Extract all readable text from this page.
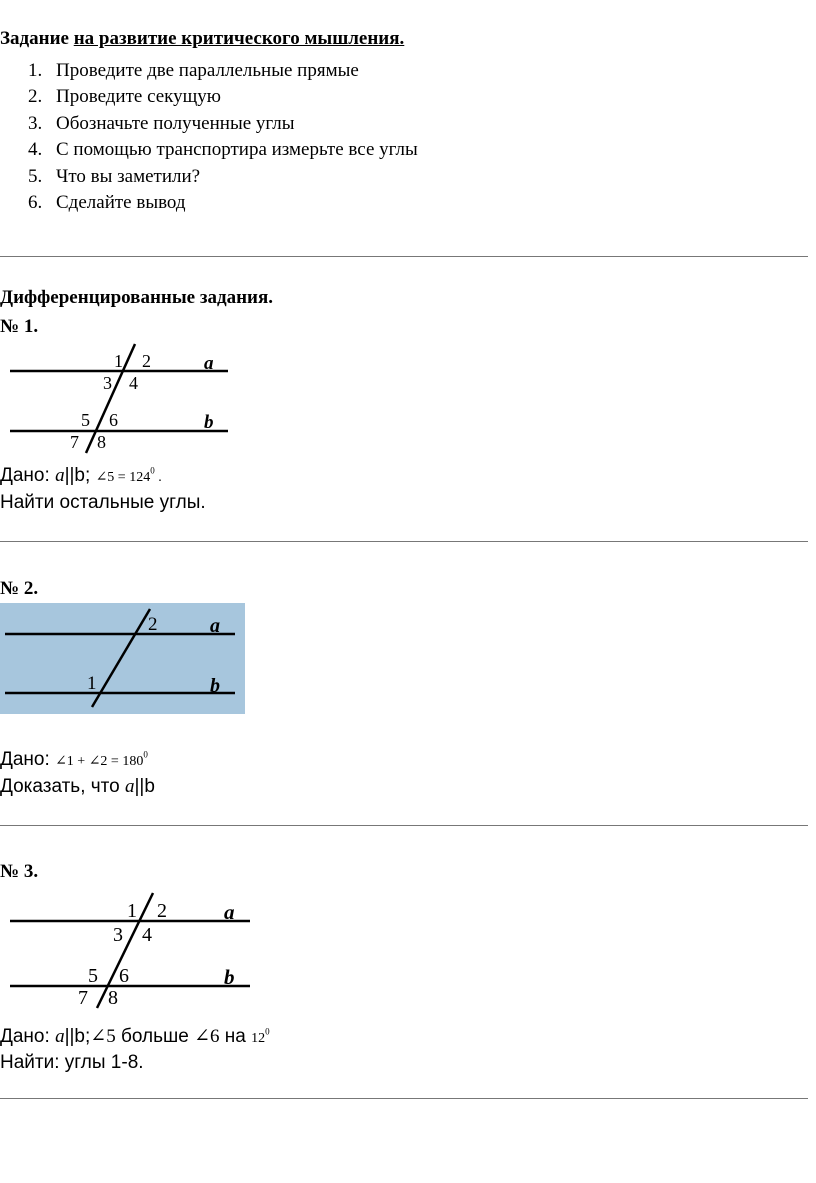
Задание на развитие критического мышления.
1. Проведите две параллельные прямые
2. Проведите секущую
3. Обозначьте полученные углы
4. С помощью транспортира измерьте все углы
5. Что вы заметили?
6. Сделайте вывод
Дифференцированные задания.
№ 1.
1 2
3 4
5 6
7 8
a
b
Дано: a||b; ∠5 = $124^0$ .
Найти остальные углы.
№ 2.
2
1
a
b
Дано: ∠1 + ∠2 = $180^0$
Доказать, что a||b
№ 3.
1 2
3 4
5 6
7 8
a
b
Дано: a||b;∠5 больше ∠6 на $12^0$
Найти: углы 1-8.
